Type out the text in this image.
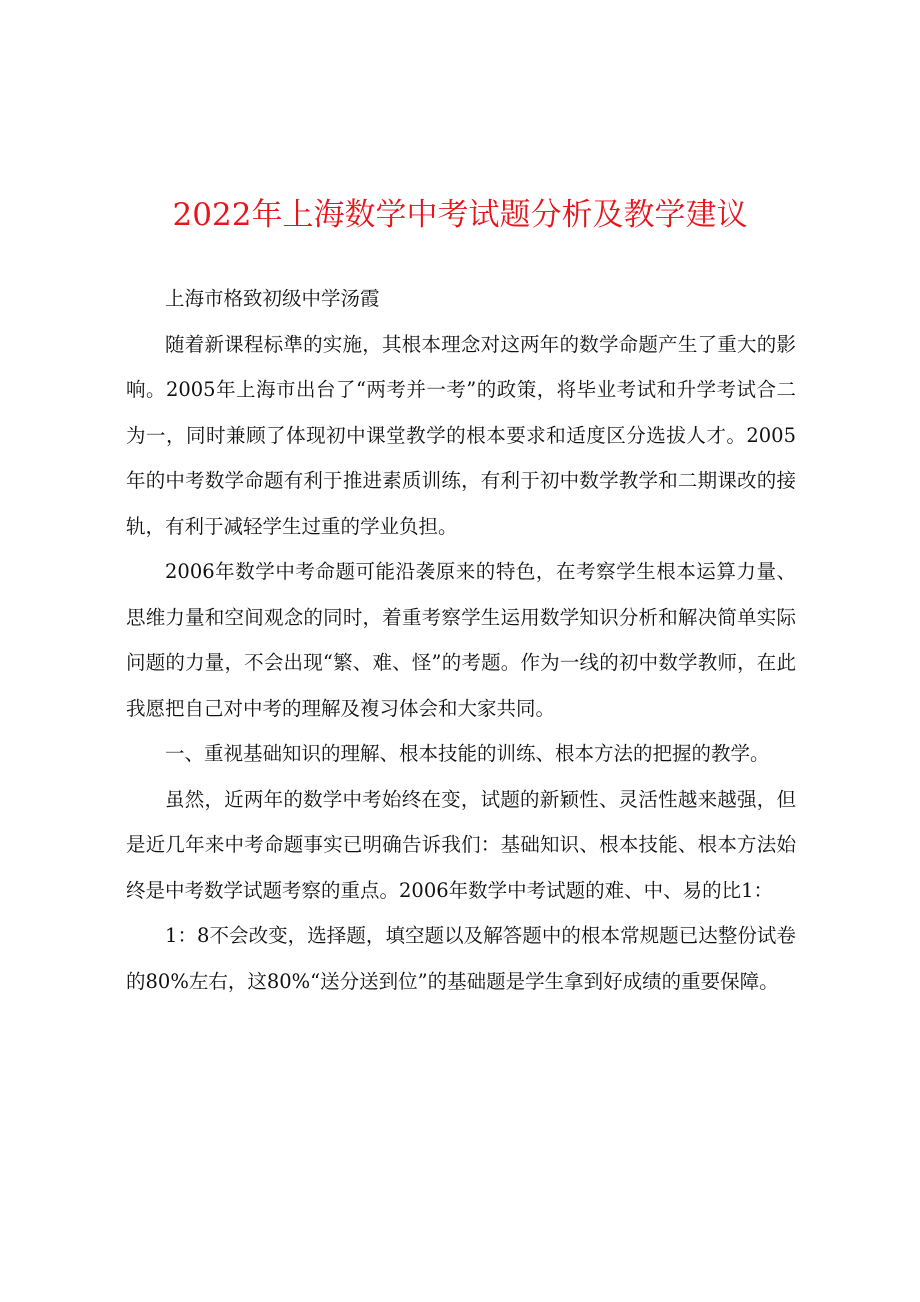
2022年上海数学中考试题分析及教学建议

上海市格致初级中学汤霞

随着新课程标準的实施，其根本理念对这两年的数学命题产生了重大的影响。2005年上海市出台了“两考并一考”的政策，将毕业考试和升学考试合二为一，同时兼顾了体现初中课堂教学的根本要求和适度区分选拔人才。2005年的中考数学命题有利于推进素质训练，有利于初中数学教学和二期课改的接轨，有利于减轻学生过重的学业负担。

2006年数学中考命题可能沿袭原来的特色，在考察学生根本运算力量、思维力量和空间观念的同时，着重考察学生运用数学知识分析和解决简单实际问题的力量，不会出现“繁、难、怪”的考题。作为一线的初中数学教师，在此我愿把自己对中考的理解及複习体会和大家共同。

一、重视基础知识的理解、根本技能的训练、根本方法的把握的教学。

虽然，近两年的数学中考始终在变，试题的新颖性、灵活性越来越强，但是近几年来中考命题事实已明确告诉我们：基础知识、根本技能、根本方法始终是中考数学试题考察的重点。2006年数学中考试题的难、中、易的比1：

1：8不会改变，选择题，填空题以及解答题中的根本常规题已达整份试卷的80%左右，这80%“送分送到位”的基础题是学生拿到好成绩的重要保障。
